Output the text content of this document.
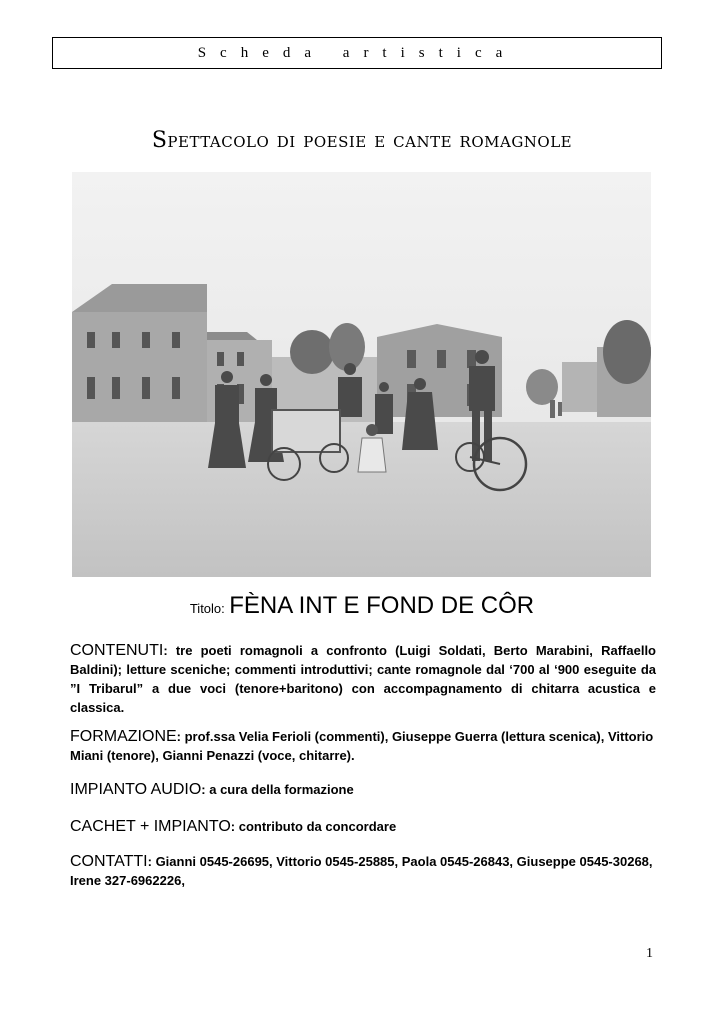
Scheda artistica
Spettacolo di poesie e cante romagnole
Titolo: FÈNA INT E FOND DE CÔR
CONTENUTI: tre poeti romagnoli a confronto (Luigi Soldati, Berto Marabini, Raffaello Baldini); letture sceniche; commenti introduttivi; cante romagnole dal ‘700 al ‘900 eseguite da ”I Tribarul” a due voci (tenore+baritono) con accompagnamento di chitarra acustica e classica.
FORMAZIONE: prof.ssa Velia Ferioli (commenti), Giuseppe Guerra (lettura scenica), Vittorio Miani (tenore), Gianni Penazzi (voce, chitarre).
IMPIANTO AUDIO: a cura della formazione
CACHET + IMPIANTO: contributo da concordare
CONTATTI: Gianni 0545-26695, Vittorio 0545-25885, Paola 0545-26843, Giuseppe 0545-30268, Irene 327-6962226,
1
